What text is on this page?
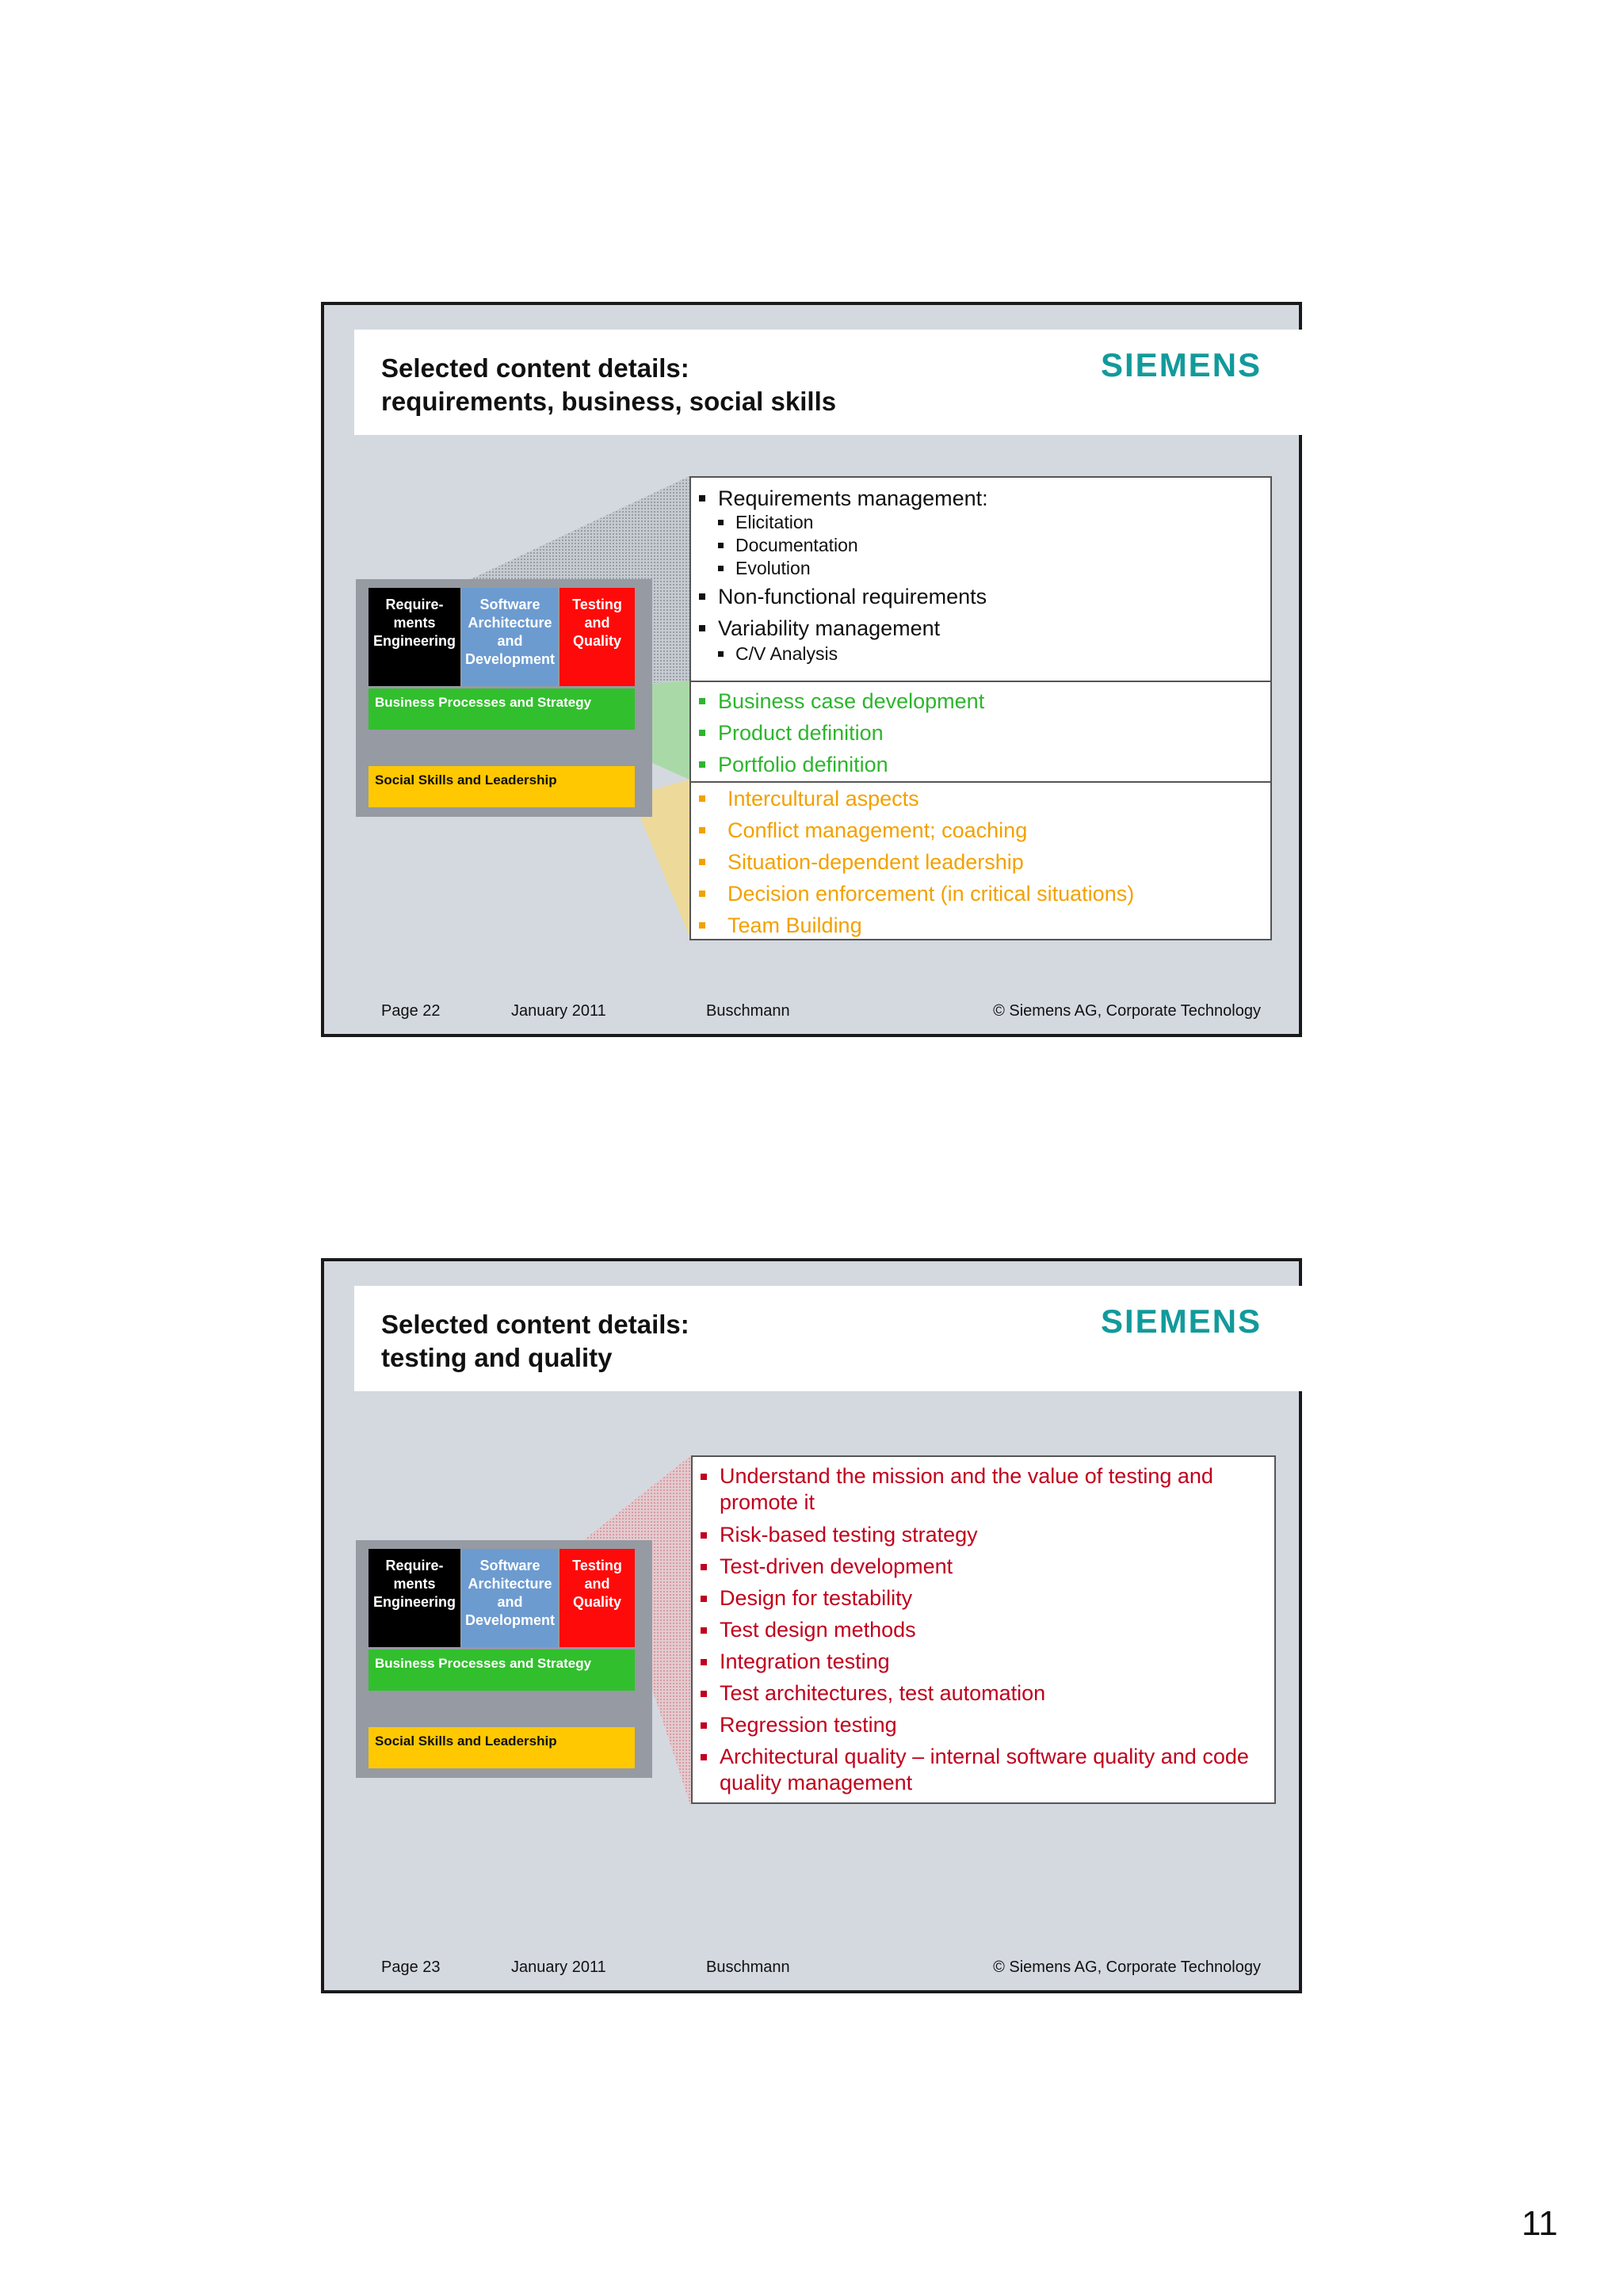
Selected content details:
requirements, business, social skills
SIEMENS
Require-
ments
Engineering
Software
Architecture
and
Development
Testing
and
Quality
Business Processes and Strategy
Social Skills and Leadership
Requirements management:
Elicitation
Documentation
Evolution
Non-functional requirements
Variability management
C/V Analysis
Business case development
Product definition
Portfolio definition
Intercultural aspects
Conflict management; coaching
Situation-dependent leadership
Decision enforcement (in critical situations)
Team Building
Page 22	January 2011	Buschmann	© Siemens AG, Corporate Technology
Selected content details:
testing and quality
SIEMENS
Require-
ments
Engineering
Software
Architecture
and
Development
Testing
and
Quality
Business Processes and Strategy
Social Skills and Leadership
Understand the mission and the value of testing and promote it
Risk-based testing strategy
Test-driven development
Design for testability
Test design methods
Integration testing
Test architectures, test automation
Regression testing
Architectural quality – internal software quality and code quality management
Page 23	January 2011	Buschmann	© Siemens AG, Corporate Technology
11
